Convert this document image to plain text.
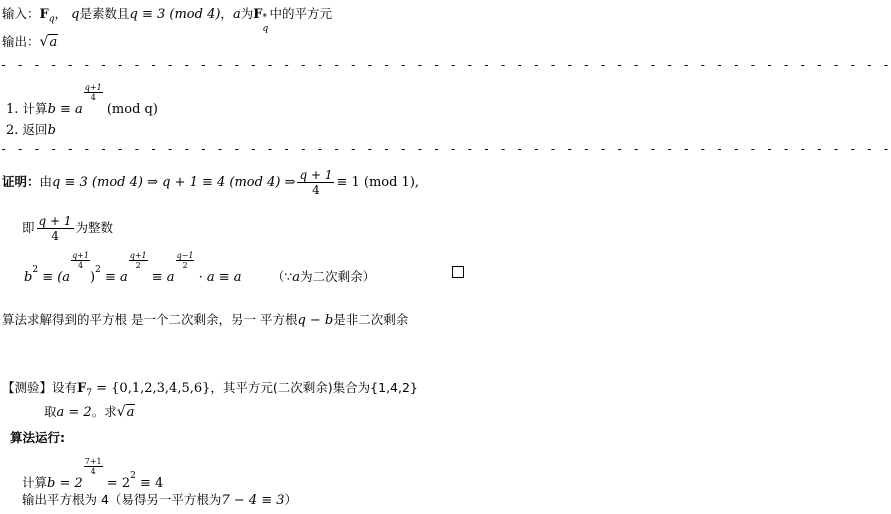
输入：$F_q$， q是素数且q ≡ 3 (mod 4)，a为F *
q
中的平方元
输出：√a
- - - - - - - - - - - - - - - - - - - - - - - - - - - - - - - - - - - - - - - - - - - - - - - - - - - - - -
1. 计算b ≡ a
$\frac{q+1}{4}$
(mod q)
2. 返回b
- - - - - - - - - - - - - - - - - - - - - - - - - - - - - - - - - - - - - - - - - - - - - - - - - - - - - -
证明：由q ≡ 3 (mod 4) ⇒ q + 1 ≡ 4 (mod 4) ⇒ $\frac{q + 1}{4} \equiv 1$ (mod 1),
即 $\frac{q + 1}{4}$ 为整数
$b^2 \equiv (a$
$\frac{q+1}{4}$
)$^2$ ≡ a
$\frac{q+1}{2}$
≡ a
$\frac{q-1}{2}$
· a ≡ a （∵a为二次剩余）
算法求解得到的平方根 是一个二次剩余，另一 平方根q − b是非二次剩余
【测验】设有$F_7 = \{0,1,2,3,4,5,6\}$，其平方元(二次剩余)集合为{1,4,2}
取a = 2。求√a
算法运行:
计算b = 2
$\frac{7+1}{4}$
= $2^2 \equiv 4$
输出平方根为 4（易得另一平方根为7 − 4 ≡ 3）
